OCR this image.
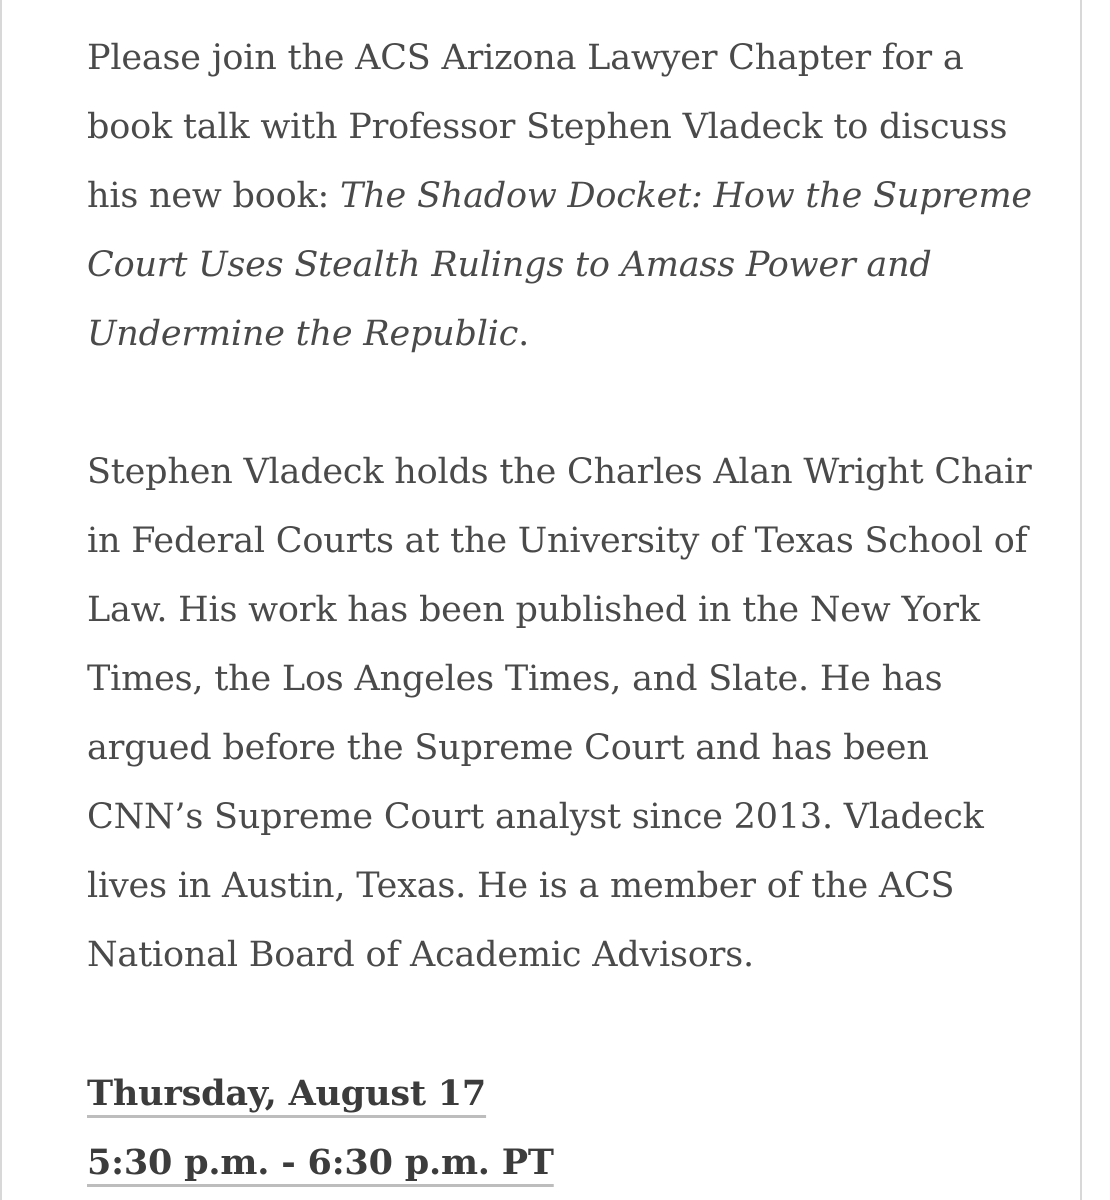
Please join the ACS Arizona Lawyer Chapter for a book talk with Professor Stephen Vladeck to discuss his new book: The Shadow Docket: How the Supreme Court Uses Stealth Rulings to Amass Power and Undermine the Republic.

Stephen Vladeck holds the Charles Alan Wright Chair in Federal Courts at the University of Texas School of Law. His work has been published in the New York Times, the Los Angeles Times, and Slate. He has argued before the Supreme Court and has been CNN’s Supreme Court analyst since 2013. Vladeck lives in Austin, Texas. He is a member of the ACS National Board of Academic Advisors.

Thursday, August 17

5:30 p.m. - 6:30 p.m. PT
